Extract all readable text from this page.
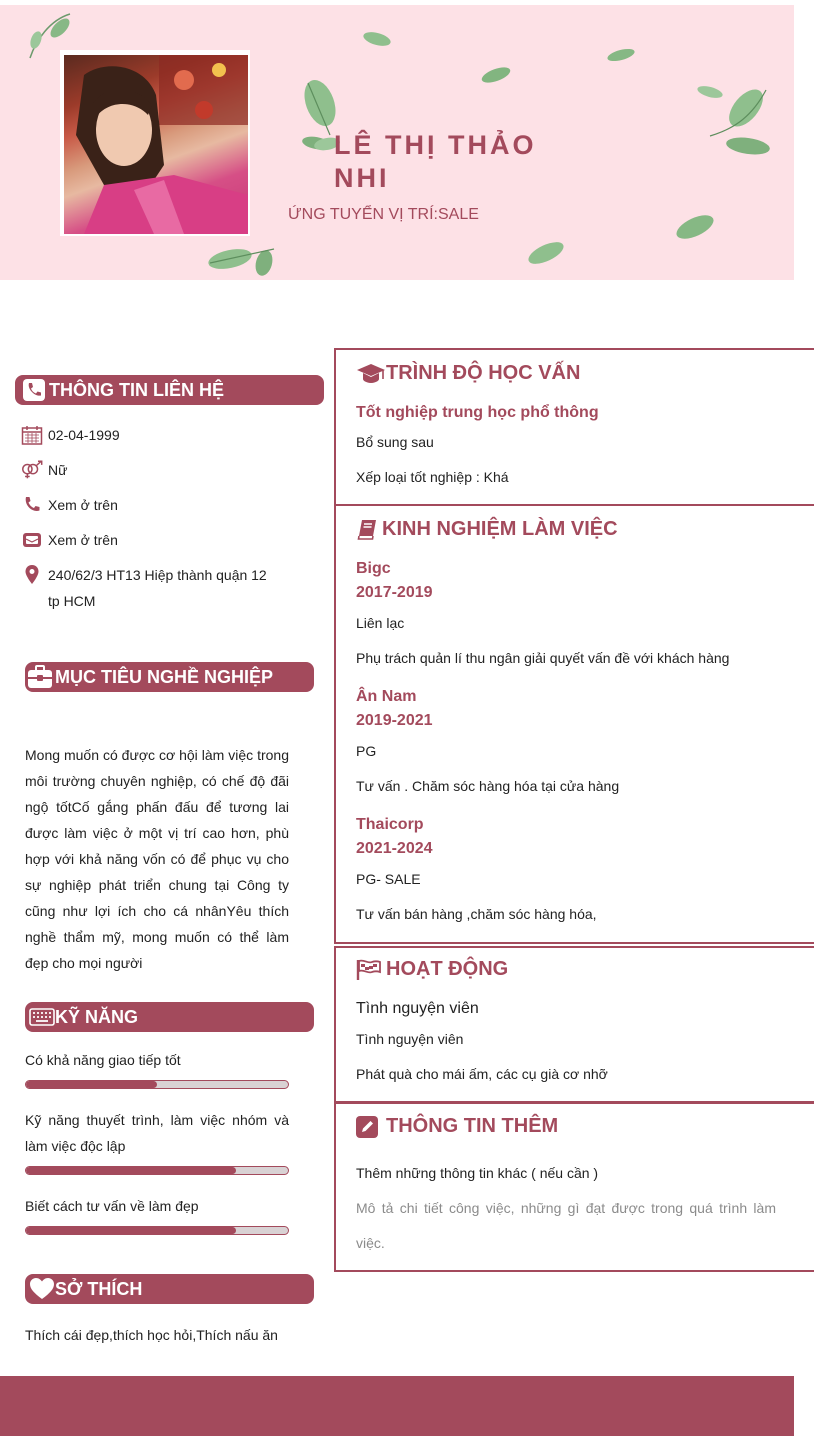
LÊ THỊ THẢO NHI
ỨNG TUYỂN VỊ TRÍ:SALE
THÔNG TIN LIÊN HỆ
02-04-1999
Nữ
Xem ở trên
Xem ở trên
240/62/3 HT13 Hiệp thành quận 12 tp HCM
MỤC TIÊU NGHỀ NGHIỆP
Mong muốn có được cơ hội làm việc trong môi trường chuyên nghiệp, có chế độ đãi ngộ tốtCố gắng phấn đấu để tương lai được làm việc ở một vị trí cao hơn, phù hợp với khả năng vốn có để phục vụ cho sự nghiệp phát triển chung tại Công ty cũng như lợi ích cho cá nhânYêu thích nghề thẩm mỹ, mong muốn có thể làm đẹp cho mọi người
KỸ NĂNG
Có khả năng giao tiếp tốt
Kỹ năng thuyết trình, làm việc nhóm và làm việc độc lập
Biết cách tư vấn về làm đẹp
SỞ THÍCH
Thích cái đẹp,thích học hỏi,Thích nấu ăn
TRÌNH ĐỘ HỌC VẤN
Tốt nghiệp trung học phổ thông
Bổ sung sau
Xếp loại tốt nghiệp : Khá
KINH NGHIỆM LÀM VIỆC
Bigc
2017-2019
Liên lạc
Phụ trách quản lí thu ngân giải quyết vấn đề với khách hàng
Ân Nam
2019-2021
PG
Tư vấn . Chăm sóc hàng hóa tại cửa hàng
Thaicorp
2021-2024
PG- SALE
Tư vấn bán hàng ,chăm sóc hàng hóa,
HOẠT ĐỘNG
Tình nguyện viên
Tình nguyện viên
Phát quà cho mái ấm, các cụ già cơ nhỡ
THÔNG TIN THÊM
Thêm những thông tin khác ( nếu cần )
Mô tả chi tiết công việc, những gì đạt được trong quá trình làm việc.
